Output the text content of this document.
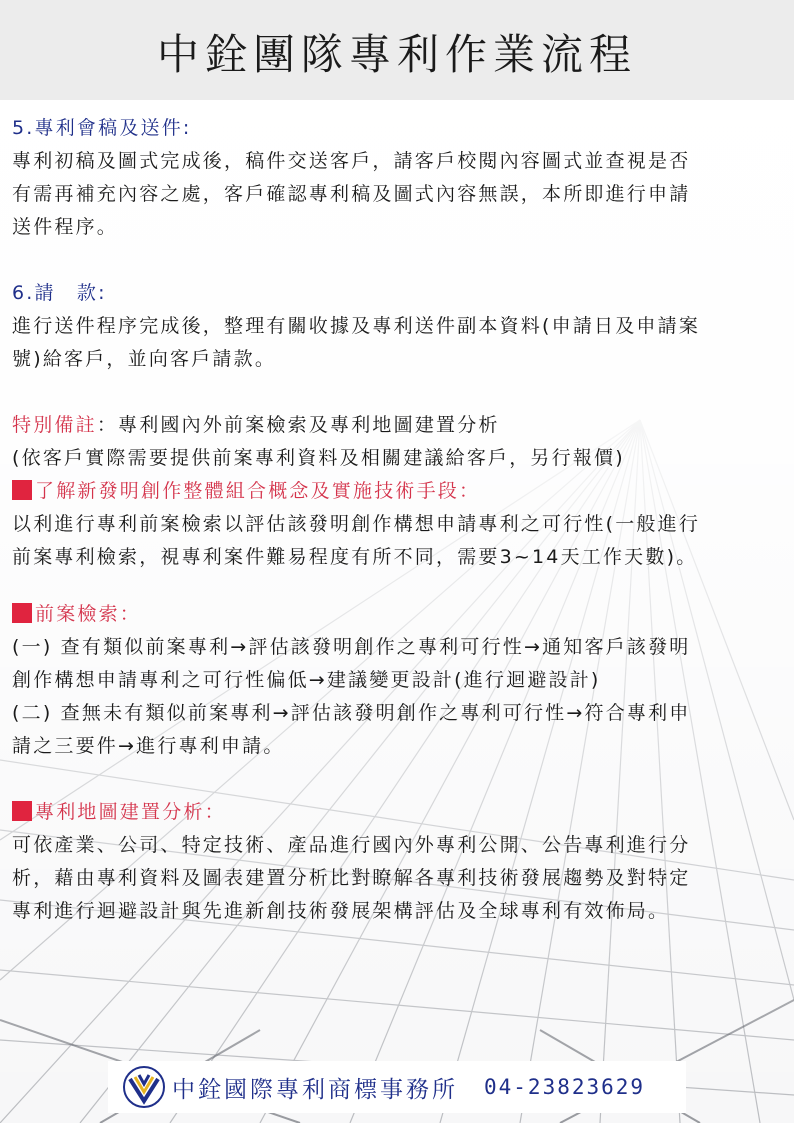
中銓團隊專利作業流程

5.專利會稿及送件:

專利初稿及圖式完成後，稿件交送客戶，請客戶校閱內容圖式並查視是否

有需再補充內容之處，客戶確認專利稿及圖式內容無誤，本所即進行申請

送件程序。

6.請　款:

進行送件程序完成後，整理有關收據及專利送件副本資料(申請日及申請案

號)給客戶，並向客戶請款。

特別備註：專利國內外前案檢索及專利地圖建置分析

(依客戶實際需要提供前案專利資料及相關建議給客戶，另行報價)

了解新發明創作整體組合概念及實施技術手段：

以利進行專利前案檢索以評估該發明創作構想申請專利之可行性(一般進行

前案專利檢索，視專利案件難易程度有所不同，需要3~14天工作天數)。

前案檢索：

(一) 查有類似前案專利→評估該發明創作之專利可行性→通知客戶該發明

創作構想申請專利之可行性偏低→建議變更設計(進行迴避設計)

(二) 查無未有類似前案專利→評估該發明創作之專利可行性→符合專利申

請之三要件→進行專利申請。

專利地圖建置分析：

可依產業、公司、特定技術、產品進行國內外專利公開、公告專利進行分

析，藉由專利資料及圖表建置分析比對瞭解各專利技術發展趨勢及對特定

專利進行迴避設計與先進新創技術發展架構評估及全球專利有效佈局。

中銓國際專利商標事務所 04-23823629
